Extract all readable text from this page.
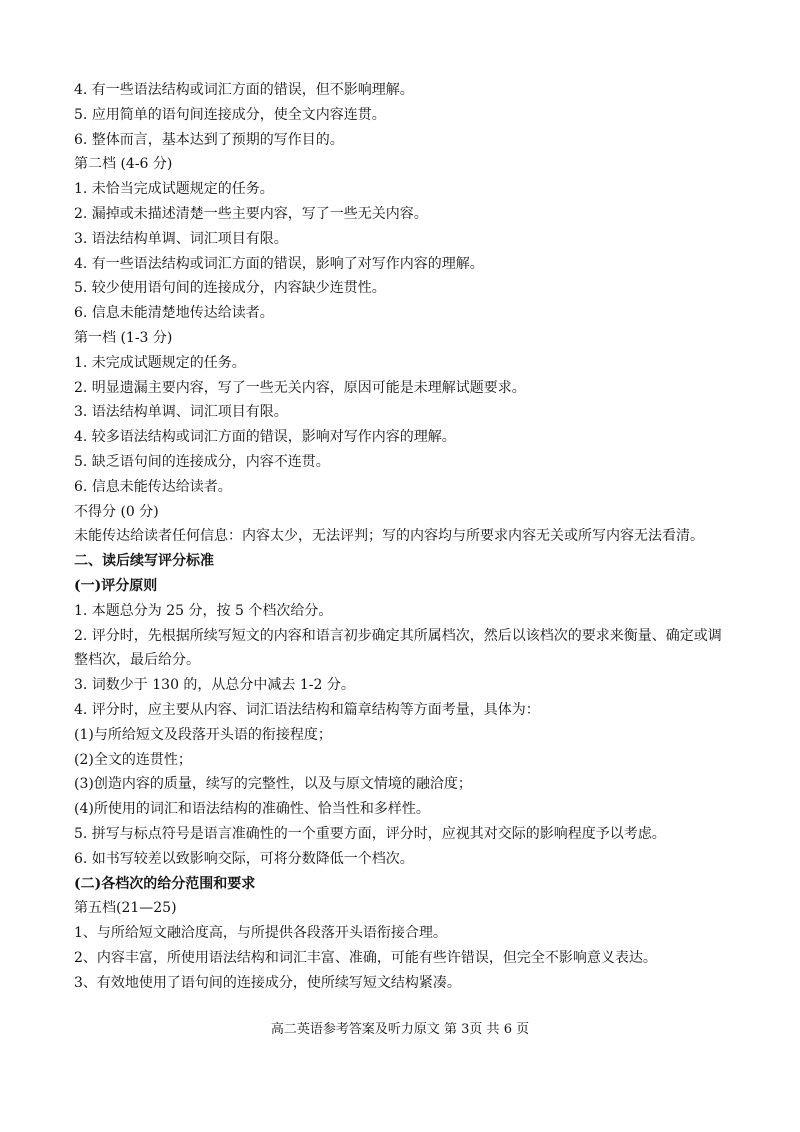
4. 有一些语法结构或词汇方面的错误，但不影响理解。
5. 应用简单的语句间连接成分，使全文内容连贯。
6. 整体而言，基本达到了预期的写作目的。
第二档 (4-6 分)
1. 未恰当完成试题规定的任务。
2. 漏掉或未描述清楚一些主要内容，写了一些无关内容。
3. 语法结构单调、词汇项目有限。
4. 有一些语法结构或词汇方面的错误，影响了对写作内容的理解。
5. 较少使用语句间的连接成分，内容缺少连贯性。
6. 信息未能清楚地传达给读者。
第一档 (1-3 分)
1. 未完成试题规定的任务。
2. 明显遗漏主要内容，写了一些无关内容，原因可能是未理解试题要求。
3. 语法结构单调、词汇项目有限。
4. 较多语法结构或词汇方面的错误，影响对写作内容的理解。
5. 缺乏语句间的连接成分，内容不连贯。
6. 信息未能传达给读者。
不得分 (0 分)
未能传达给读者任何信息：内容太少，无法评判；写的内容均与所要求内容无关或所写内容无法看清。
二、读后续写评分标准
(一)评分原则
1. 本题总分为 25 分，按 5 个档次给分。
2. 评分时，先根据所续写短文的内容和语言初步确定其所属档次，然后以该档次的要求来衡量、确定或调整档次，最后给分。
3. 词数少于 130 的，从总分中减去 1-2 分。
4. 评分时，应主要从内容、词汇语法结构和篇章结构等方面考量，具体为：
(1)与所给短文及段落开头语的衔接程度；
(2)全文的连贯性；
(3)创造内容的质量，续写的完整性，以及与原文情境的融洽度；
(4)所使用的词汇和语法结构的准确性、恰当性和多样性。
5. 拼写与标点符号是语言准确性的一个重要方面，评分时，应视其对交际的影响程度予以考虑。
6. 如书写较差以致影响交际，可将分数降低一个档次。
(二)各档次的给分范围和要求
第五档(21—25)
1、与所给短文融洽度高，与所提供各段落开头语衔接合理。
2、内容丰富，所使用语法结构和词汇丰富、准确，可能有些许错误，但完全不影响意义表达。
3、有效地使用了语句间的连接成分，使所续写短文结构紧凑。
高二英语参考答案及听力原文 第 3页 共 6 页
